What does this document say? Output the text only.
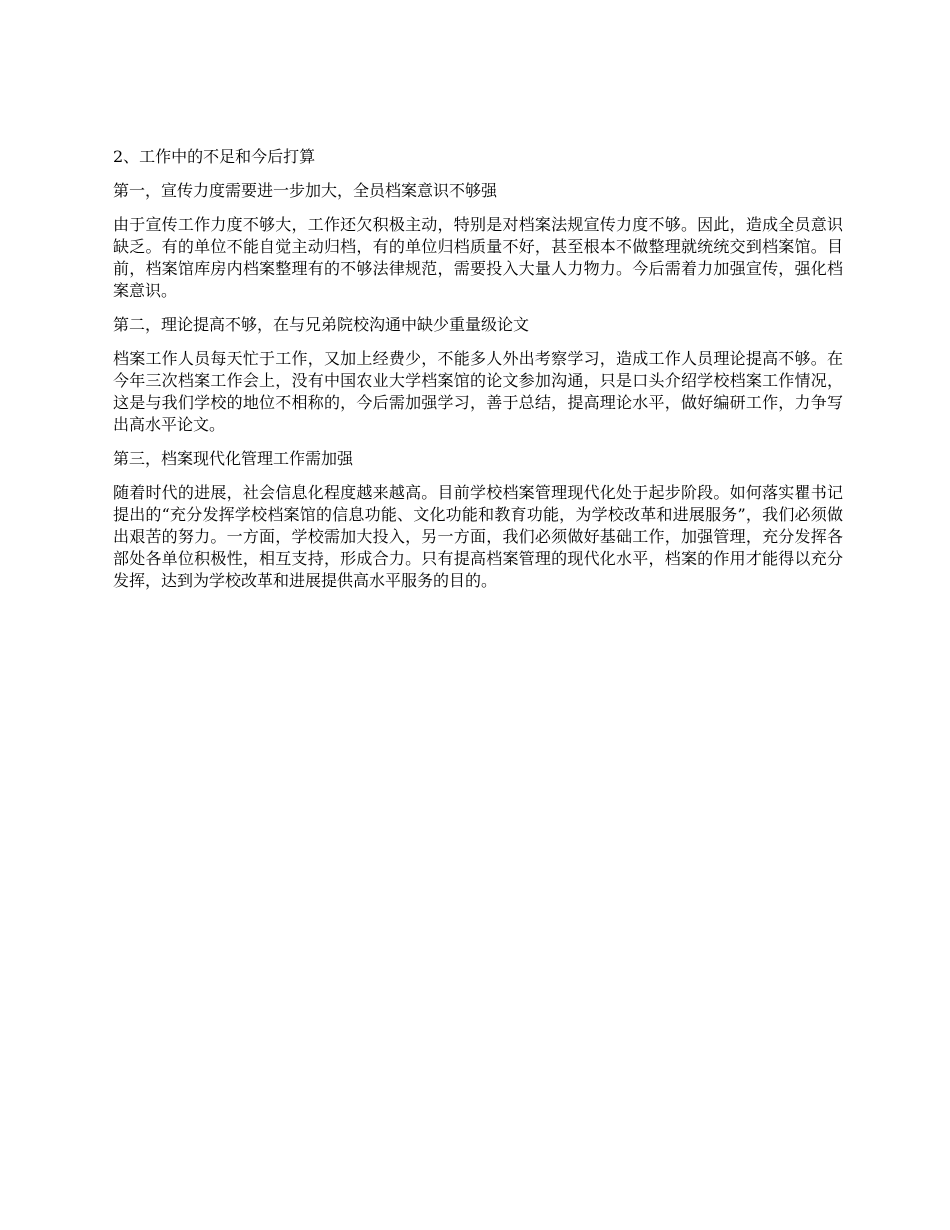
2、工作中的不足和今后打算

第一，宣传力度需要进一步加大，全员档案意识不够强

由于宣传工作力度不够大，工作还欠积极主动，特别是对档案法规宣传力度不够。因此，造成全员意识缺乏。有的单位不能自觉主动归档，有的单位归档质量不好，甚至根本不做整理就统统交到档案馆。目前，档案馆库房内档案整理有的不够法律规范，需要投入大量人力物力。今后需着力加强宣传，强化档案意识。

第二，理论提高不够，在与兄弟院校沟通中缺少重量级论文

档案工作人员每天忙于工作，又加上经费少，不能多人外出考察学习，造成工作人员理论提高不够。在今年三次档案工作会上，没有中国农业大学档案馆的论文参加沟通，只是口头介绍学校档案工作情况，这是与我们学校的地位不相称的，今后需加强学习，善于总结，提高理论水平，做好编研工作，力争写出高水平论文。

第三，档案现代化管理工作需加强

随着时代的进展，社会信息化程度越来越高。目前学校档案管理现代化处于起步阶段。如何落实瞿书记提出的“充分发挥学校档案馆的信息功能、文化功能和教育功能，为学校改革和进展服务”，我们必须做出艰苦的努力。一方面，学校需加大投入，另一方面，我们必须做好基础工作，加强管理，充分发挥各部处各单位积极性，相互支持，形成合力。只有提高档案管理的现代化水平，档案的作用才能得以充分发挥，达到为学校改革和进展提供高水平服务的目的。
